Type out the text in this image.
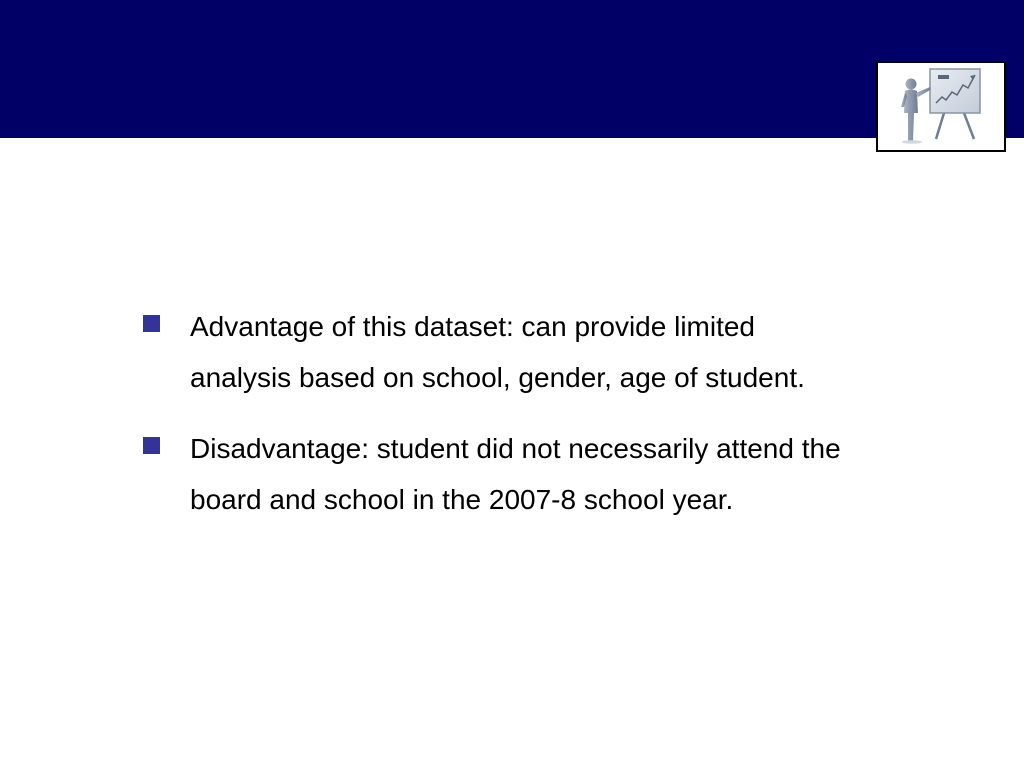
Advantage of this dataset: can provide limited analysis based on school, gender, age of student.
Disadvantage: student did not necessarily attend the board and school in the 2007-8 school year.
